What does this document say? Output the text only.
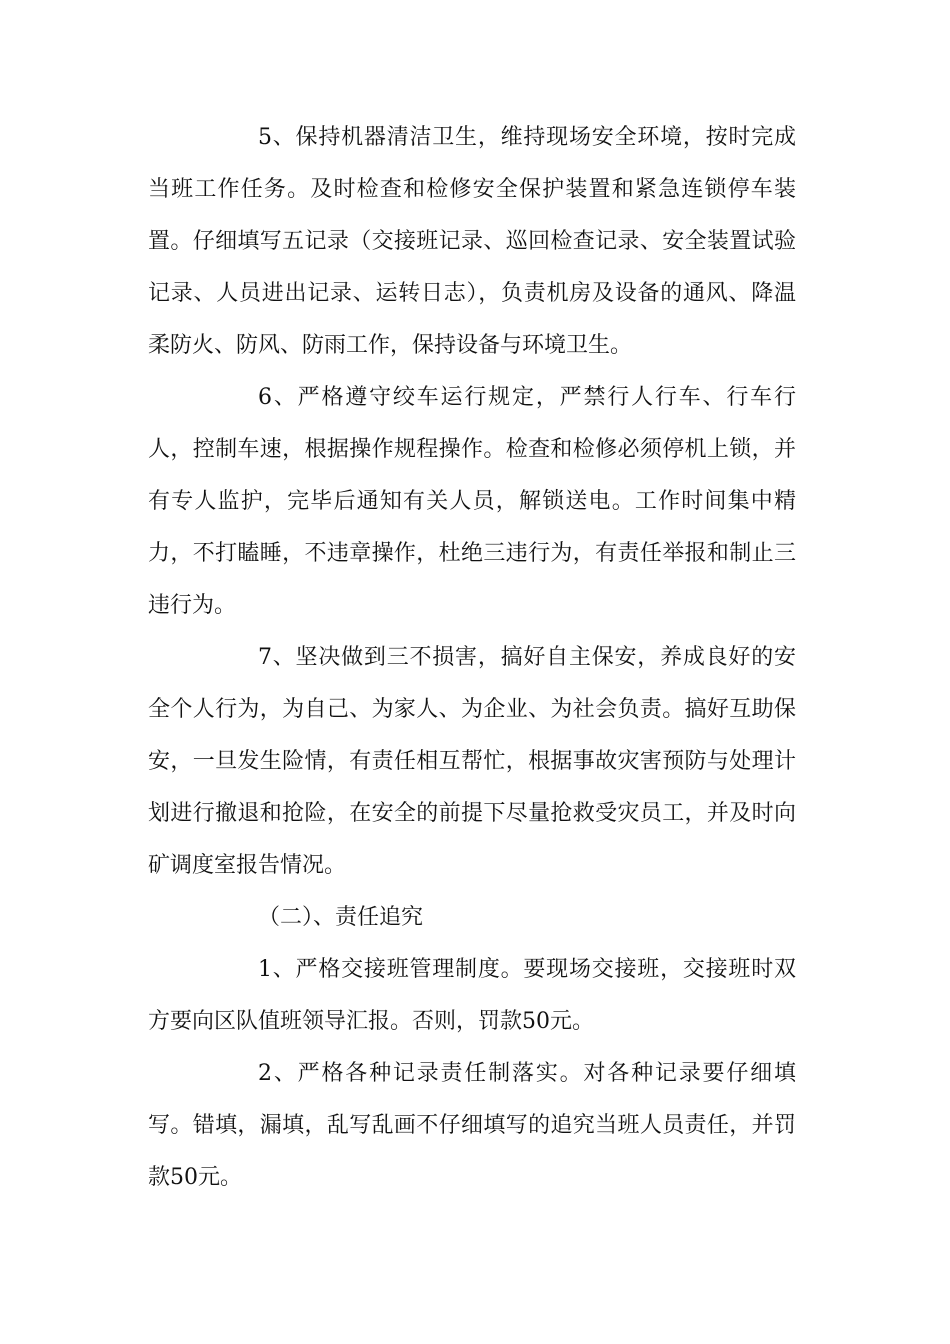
5、保持机器清洁卫生，维持现场安全环境，按时完成当班工作任务。及时检查和检修安全保护装置和紧急连锁停车装置。仔细填写五记录（交接班记录、巡回检查记录、安全装置试验记录、人员进出记录、运转日志），负责机房及设备的通风、降温柔防火、防风、防雨工作，保持设备与环境卫生。

6、严格遵守绞车运行规定，严禁行人行车、行车行人，控制车速，根据操作规程操作。检查和检修必须停机上锁，并有专人监护，完毕后通知有关人员，解锁送电。工作时间集中精力，不打瞌睡，不违章操作，杜绝三违行为，有责任举报和制止三违行为。

7、坚决做到三不损害，搞好自主保安，养成良好的安全个人行为，为自己、为家人、为企业、为社会负责。搞好互助保安，一旦发生险情，有责任相互帮忙，根据事故灾害预防与处理计划进行撤退和抢险，在安全的前提下尽量抢救受灾员工，并及时向矿调度室报告情况。

（二）、责任追究

1、严格交接班管理制度。要现场交接班，交接班时双方要向区队值班领导汇报。否则，罚款50元。

2、严格各种记录责任制落实。对各种记录要仔细填写。错填，漏填，乱写乱画不仔细填写的追究当班人员责任，并罚款50元。
